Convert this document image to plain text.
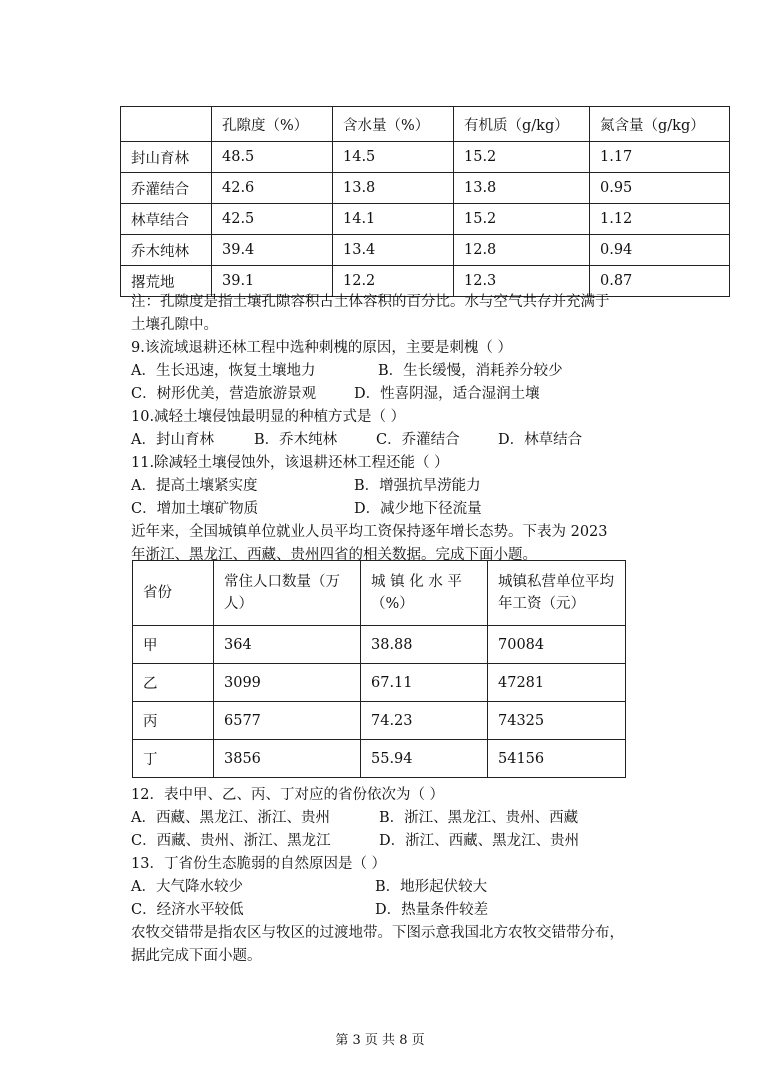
	孔隙度（%）	含水量（%）	有机质（g/kg）	氮含量（g/kg）
封山育林	48.5	14.5	15.2	1.17
乔灌结合	42.6	13.8	13.8	0.95
林草结合	42.5	14.1	15.2	1.12
乔木纯林	39.4	13.4	12.8	0.94
撂荒地	39.1	12.2	12.3	0.87
注：孔隙度是指土壤孔隙容积占土体容积的百分比。水与空气共存并充满于
土壤孔隙中。
9.该流域退耕还林工程中选种刺槐的原因，主要是刺槐（ ）
A．生长迅速，恢复土壤地力	B．生长缓慢，消耗养分较少
C．树形优美，营造旅游景观	D．性喜阴湿，适合湿润土壤
10.减轻土壤侵蚀最明显的种植方式是（ ）
A．封山育林	B．乔木纯林	C．乔灌结合	D．林草结合
11.除减轻土壤侵蚀外，该退耕还林工程还能（ ）
A．提高土壤紧实度	B．增强抗旱涝能力
C．增加土壤矿物质	D．减少地下径流量
近年来，全国城镇单位就业人员平均工资保持逐年增长态势。下表为 2023
年浙江、黑龙江、西藏、贵州四省的相关数据。完成下面小题。
省份	常住人口数量（万人）	城 镇 化 水 平（%）	城镇私营单位平均年工资（元）
甲	364	38.88	70084
乙	3099	67.11	47281
丙	6577	74.23	74325
丁	3856	55.94	54156
12．表中甲、乙、丙、丁对应的省份依次为（ ）
A．西藏、黑龙江、浙江、贵州	B．浙江、黑龙江、贵州、西藏
C．西藏、贵州、浙江、黑龙江	D．浙江、西藏、黑龙江、贵州
13．丁省份生态脆弱的自然原因是（ ）
A．大气降水较少	B．地形起伏较大
C．经济水平较低	D．热量条件较差
农牧交错带是指农区与牧区的过渡地带。下图示意我国北方农牧交错带分布，
据此完成下面小题。
第 3 页 共 8 页
